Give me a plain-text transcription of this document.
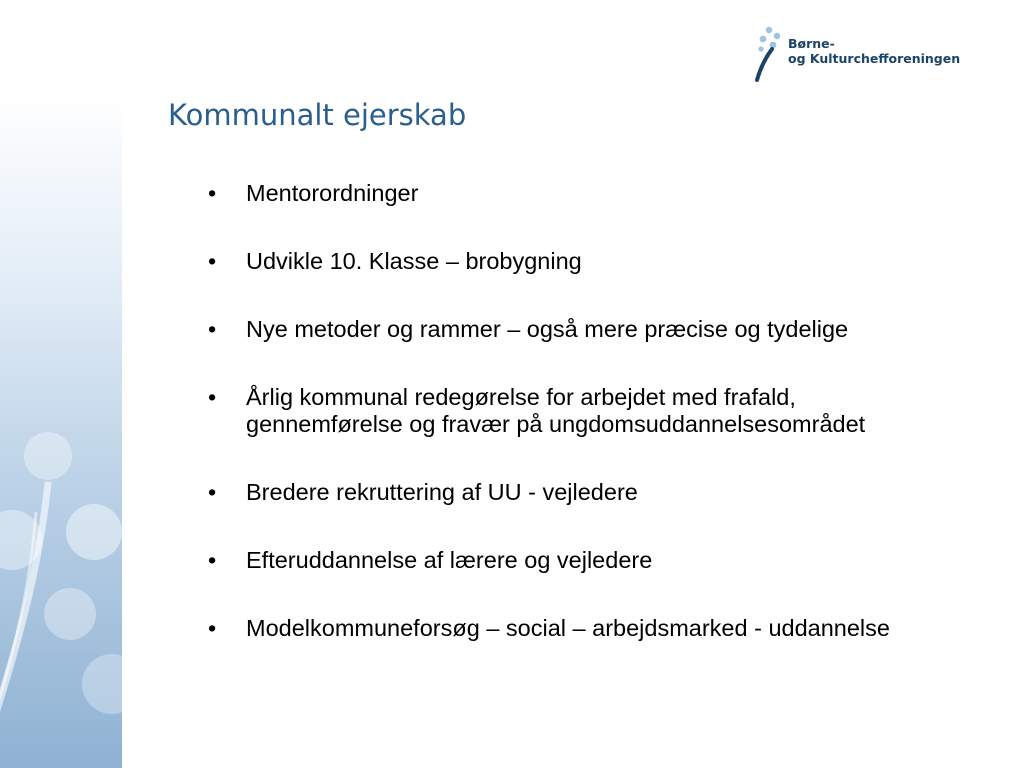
Børne-
og Kulturchefforeningen
Kommunalt ejerskab
•	Mentorordninger
•	Udvikle 10. Klasse – brobygning
•	Nye metoder og rammer – også mere præcise og tydelige
•	Årlig kommunal redegørelse for arbejdet med frafald, gennemførelse og fravær på ungdomsuddannelsesområdet
•	Bredere rekruttering af UU - vejledere
•	Efteruddannelse af lærere og vejledere
•	Modelkommuneforsøg – social – arbejdsmarked - uddannelse
